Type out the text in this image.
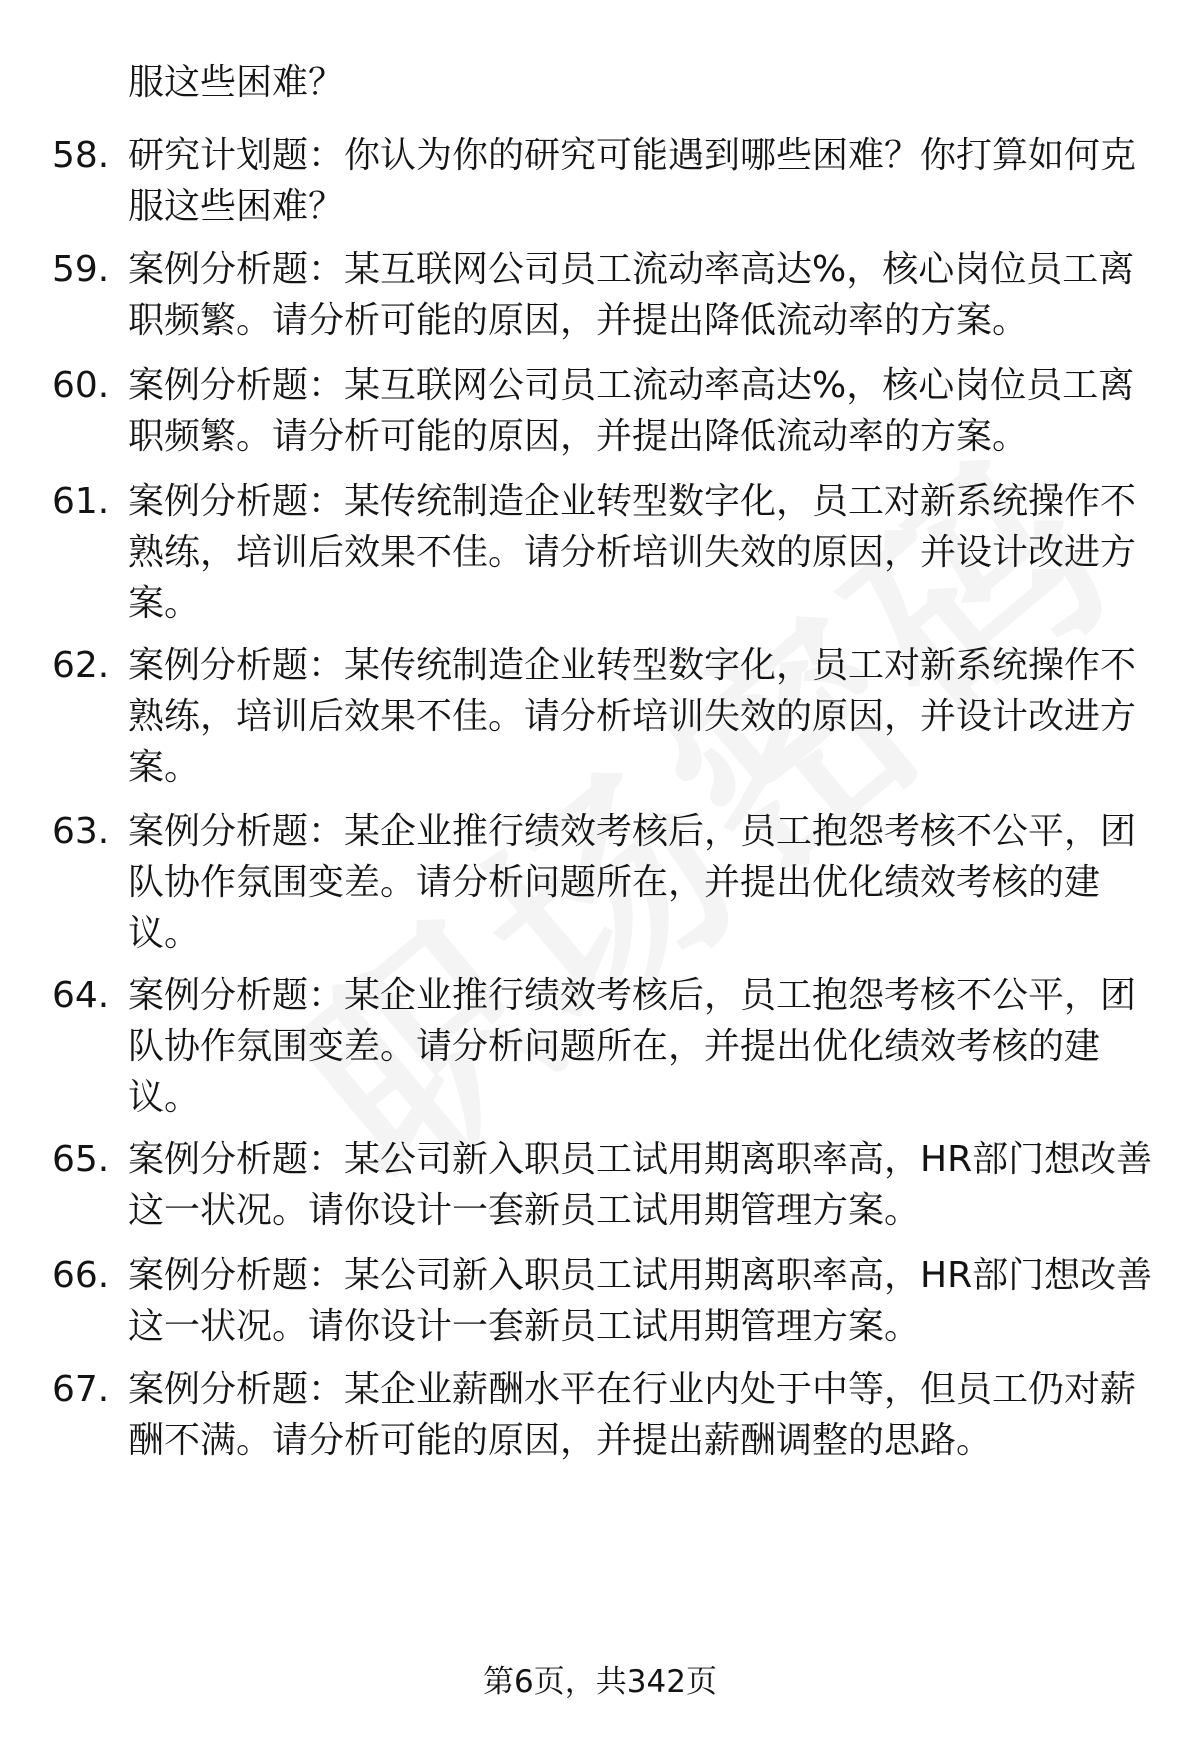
服这些困难？
58. 研究计划题：你认为你的研究可能遇到哪些困难？你打算如何克服这些困难？
59. 案例分析题：某互联网公司员工流动率高达%，核心岗位员工离职频繁。请分析可能的原因，并提出降低流动率的方案。
60. 案例分析题：某互联网公司员工流动率高达%，核心岗位员工离职频繁。请分析可能的原因，并提出降低流动率的方案。
61. 案例分析题：某传统制造企业转型数字化，员工对新系统操作不熟练，培训后效果不佳。请分析培训失效的原因，并设计改进方案。
62. 案例分析题：某传统制造企业转型数字化，员工对新系统操作不熟练，培训后效果不佳。请分析培训失效的原因，并设计改进方案。
63. 案例分析题：某企业推行绩效考核后，员工抱怨考核不公平，团队协作氛围变差。请分析问题所在，并提出优化绩效考核的建议。
64. 案例分析题：某企业推行绩效考核后，员工抱怨考核不公平，团队协作氛围变差。请分析问题所在，并提出优化绩效考核的建议。
65. 案例分析题：某公司新入职员工试用期离职率高，HR部门想改善这一状况。请你设计一套新员工试用期管理方案。
66. 案例分析题：某公司新入职员工试用期离职率高，HR部门想改善这一状况。请你设计一套新员工试用期管理方案。
67. 案例分析题：某企业薪酬水平在行业内处于中等，但员工仍对薪酬不满。请分析可能的原因，并提出薪酬调整的思路。
第6页，共342页
